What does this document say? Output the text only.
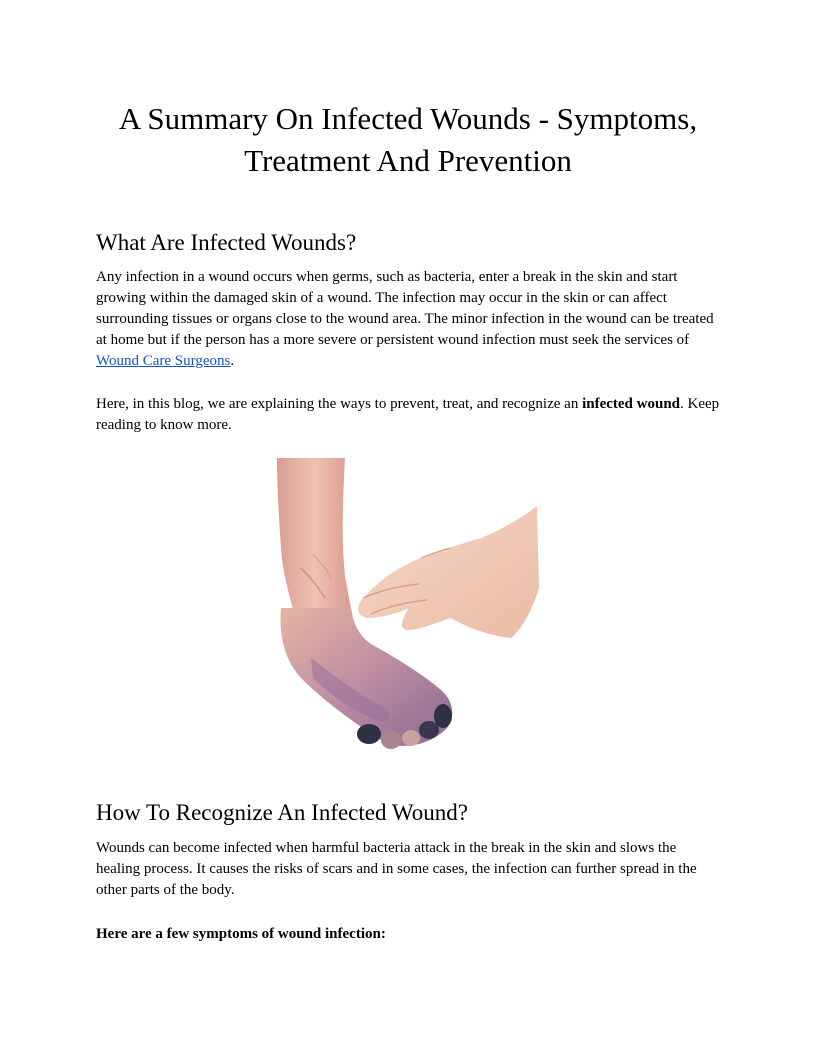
A Summary On Infected Wounds - Symptoms, Treatment And Prevention
What Are Infected Wounds?

Any infection in a wound occurs when germs, such as bacteria, enter a break in the skin and start growing within the damaged skin of a wound. The infection may occur in the skin or can affect surrounding tissues or organs close to the wound area. The minor infection in the wound can be treated at home but if the person has a more severe or persistent wound infection must seek the services of Wound Care Surgeons.

Here, in this blog, we are explaining the ways to prevent, treat, and recognize an infected wound. Keep reading to know more.

How To Recognize An Infected Wound?

Wounds can become infected when harmful bacteria attack in the break in the skin and slows the healing process. It causes the risks of scars and in some cases, the infection can further spread in the other parts of the body.

Here are a few symptoms of wound infection:
